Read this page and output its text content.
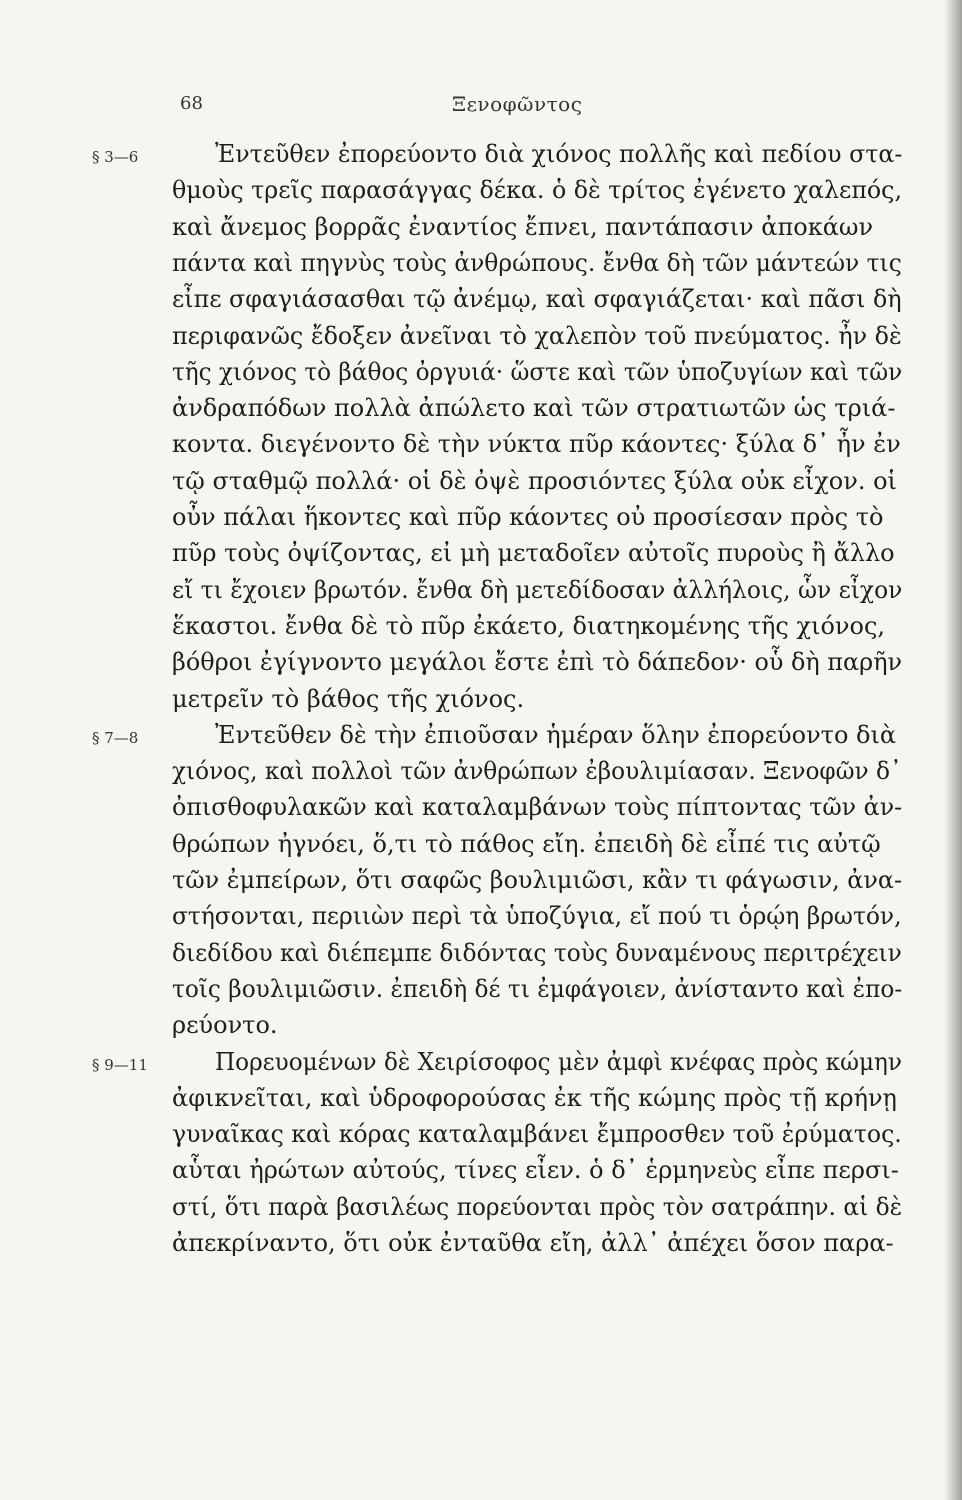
68	Ξενοφῶντος
§ 3—6	Ἐντεῦθεν ἐπορεύοντο διὰ χιόνος πολλῆς καὶ πεδίου στα-
θμοὺς τρεῖς παρασάγγας δέκα. ὁ δὲ τρίτος ἐγένετο χαλεπός,
καὶ ἄνεμος βορρᾶς ἐναντίος ἔπνει, παντάπασιν ἀποκάων
πάντα καὶ πηγνὺς τοὺς ἀνθρώπους. ἔνθα δὴ τῶν μάντεών τις
εἶπε σφαγιάσασθαι τῷ ἀνέμῳ, καὶ σφαγιάζεται· καὶ πᾶσι δὴ
περιφανῶς ἔδοξεν ἀνεῖναι τὸ χαλεπὸν τοῦ πνεύματος. ἦν δὲ
τῆς χιόνος τὸ βάθος ὀργυιά· ὥστε καὶ τῶν ὑποζυγίων καὶ τῶν
ἀνδραπόδων πολλὰ ἀπώλετο καὶ τῶν στρατιωτῶν ὡς τριά-
κοντα. διεγένοντο δὲ τὴν νύκτα πῦρ κάοντες· ξύλα δ᾽ ἦν ἐν
τῷ σταθμῷ πολλά· οἱ δὲ ὀψὲ προσιόντες ξύλα οὐκ εἶχον. οἱ
οὖν πάλαι ἥκοντες καὶ πῦρ κάοντες οὐ προσίεσαν πρὸς τὸ
πῦρ τοὺς ὀψίζοντας, εἰ μὴ μεταδοῖεν αὐτοῖς πυροὺς ἢ ἄλλο
εἴ τι ἔχοιεν βρωτόν. ἔνθα δὴ μετεδίδοσαν ἀλλήλοις, ὧν εἶχον
ἕκαστοι. ἔνθα δὲ τὸ πῦρ ἐκάετο, διατηκομένης τῆς χιόνος,
βόθροι ἐγίγνοντο μεγάλοι ἔστε ἐπὶ τὸ δάπεδον· οὗ δὴ παρῆν
μετρεῖν τὸ βάθος τῆς χιόνος.
§ 7—8	Ἐντεῦθεν δὲ τὴν ἐπιοῦσαν ἡμέραν ὅλην ἐπορεύοντο διὰ
χιόνος, καὶ πολλοὶ τῶν ἀνθρώπων ἐβουλιμίασαν. Ξενοφῶν δ᾽
ὀπισθοφυλακῶν καὶ καταλαμβάνων τοὺς πίπτοντας τῶν ἀν-
θρώπων ἠγνόει, ὅ,τι τὸ πάθος εἴη. ἐπειδὴ δὲ εἶπέ τις αὐτῷ
τῶν ἐμπείρων, ὅτι σαφῶς βουλιμιῶσι, κἂν τι φάγωσιν, ἀνα-
στήσονται, περιιὼν περὶ τὰ ὑποζύγια, εἴ πού τι ὁρῴη βρωτόν,
διεδίδου καὶ διέπεμπε διδόντας τοὺς δυναμένους περιτρέχειν
τοῖς βουλιμιῶσιν. ἐπειδὴ δέ τι ἐμφάγοιεν, ἀνίσταντο καὶ ἐπο-
ρεύοντο.
§ 9—11	Πορευομένων δὲ Χειρίσοφος μὲν ἀμφὶ κνέφας πρὸς κώμην
ἀφικνεῖται, καὶ ὑδροφορούσας ἐκ τῆς κώμης πρὸς τῇ κρήνῃ
γυναῖκας καὶ κόρας καταλαμβάνει ἔμπροσθεν τοῦ ἐρύματος.
αὗται ἠρώτων αὐτούς, τίνες εἶεν. ὁ δ᾽ ἑρμηνεὺς εἶπε περσι-
στί, ὅτι παρὰ βασιλέως πορεύονται πρὸς τὸν σατράπην. αἱ δὲ
ἀπεκρίναντο, ὅτι οὐκ ἐνταῦθα εἴη, ἀλλ᾽ ἀπέχει ὅσον παρα-
